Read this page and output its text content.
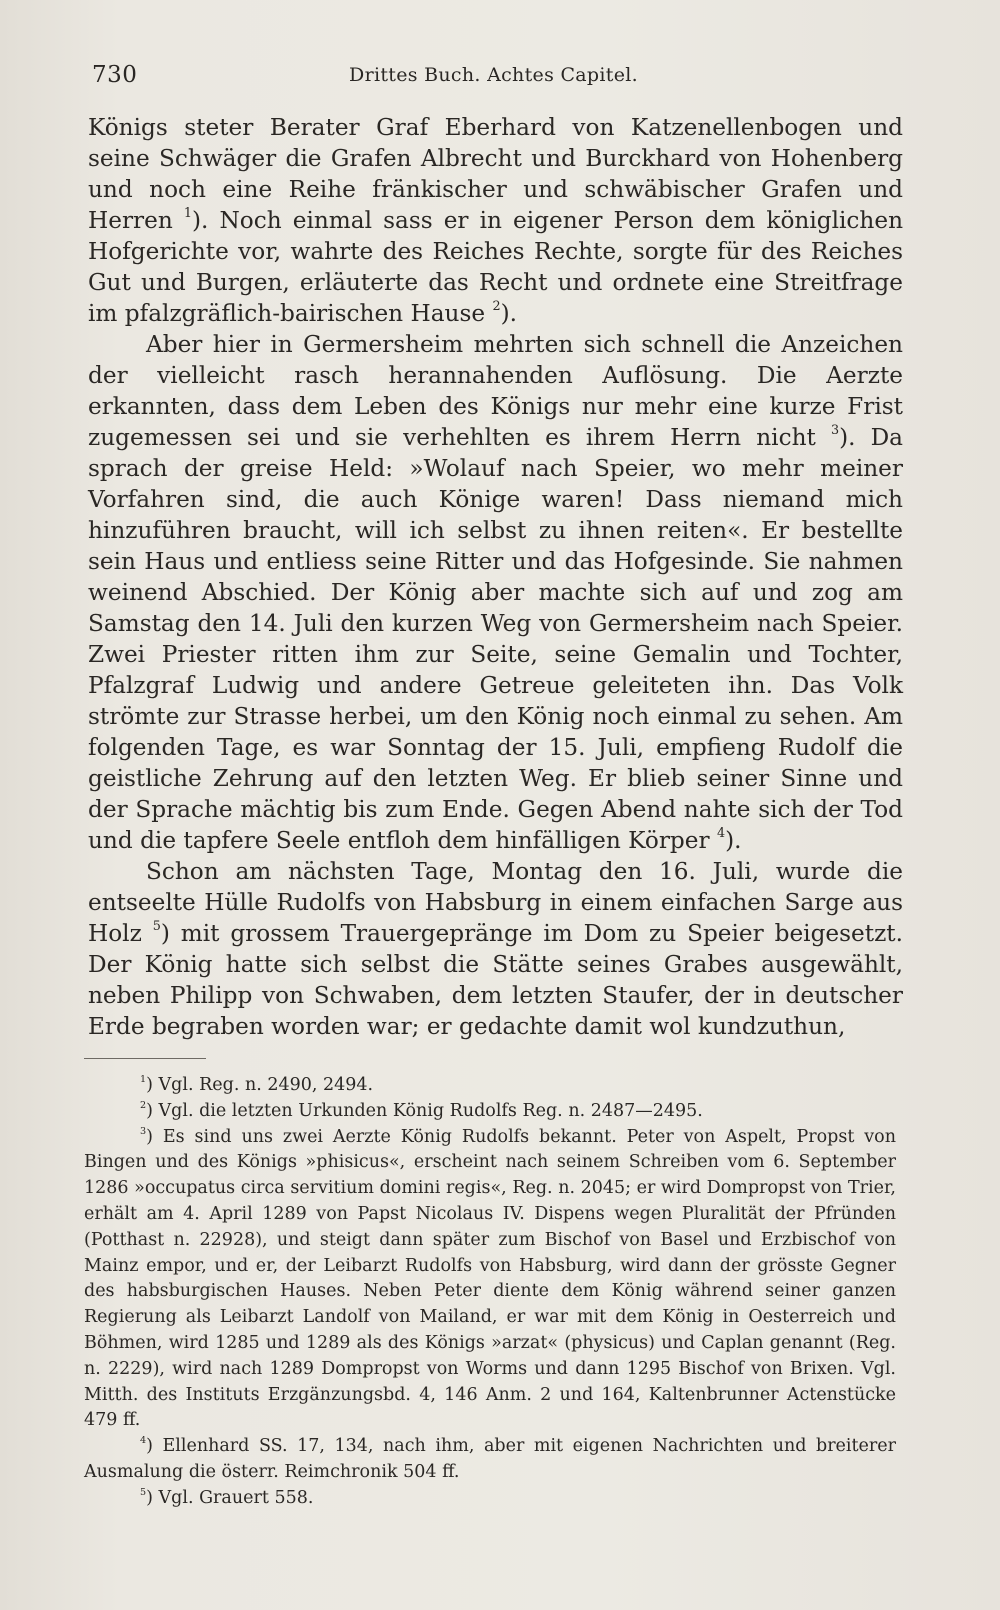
730	Drittes Buch. Achtes Capitel.

Königs steter Berater Graf Eberhard von Katzenellenbogen und seine Schwäger die Grafen Albrecht und Burckhard von Hohenberg und noch eine Reihe fränkischer und schwäbischer Grafen und Herren $^1$). Noch einmal sass er in eigener Person dem königlichen Hofgerichte vor, wahrte des Reiches Rechte, sorgte für des Reiches Gut und Burgen, erläuterte das Recht und ordnete eine Streitfrage im pfalzgräflich-bairischen Hause $^2$).

Aber hier in Germersheim mehrten sich schnell die Anzeichen der vielleicht rasch herannahenden Auflösung. Die Aerzte erkannten, dass dem Leben des Königs nur mehr eine kurze Frist zugemessen sei und sie verhehlten es ihrem Herrn nicht $^3$). Da sprach der greise Held: »Wolauf nach Speier, wo mehr meiner Vorfahren sind, die auch Könige waren! Dass niemand mich hinzuführen braucht, will ich selbst zu ihnen reiten«. Er bestellte sein Haus und entliess seine Ritter und das Hofgesinde. Sie nahmen weinend Abschied. Der König aber machte sich auf und zog am Samstag den 14. Juli den kurzen Weg von Germersheim nach Speier. Zwei Priester ritten ihm zur Seite, seine Gemalin und Tochter, Pfalzgraf Ludwig und andere Getreue geleiteten ihn. Das Volk strömte zur Strasse herbei, um den König noch einmal zu sehen. Am folgenden Tage, es war Sonntag der 15. Juli, empfieng Rudolf die geistliche Zehrung auf den letzten Weg. Er blieb seiner Sinne und der Sprache mächtig bis zum Ende. Gegen Abend nahte sich der Tod und die tapfere Seele entfloh dem hinfälligen Körper $^4$).

Schon am nächsten Tage, Montag den 16. Juli, wurde die entseelte Hülle Rudolfs von Habsburg in einem einfachen Sarge aus Holz $^5$) mit grossem Trauergepränge im Dom zu Speier beigesetzt. Der König hatte sich selbst die Stätte seines Grabes ausgewählt, neben Philipp von Schwaben, dem letzten Staufer, der in deutscher Erde begraben worden war; er gedachte damit wol kundzuthun,

$^1$) Vgl. Reg. n. 2490, 2494.

$^2$) Vgl. die letzten Urkunden König Rudolfs Reg. n. 2487—2495.

$^3$) Es sind uns zwei Aerzte König Rudolfs bekannt. Peter von Aspelt, Propst von Bingen und des Königs »phisicus«, erscheint nach seinem Schreiben vom 6. September 1286 »occupatus circa servitium domini regis«, Reg. n. 2045; er wird Dompropst von Trier, erhält am 4. April 1289 von Papst Nicolaus IV. Dispens wegen Pluralität der Pfründen (Potthast n. 22928), und steigt dann später zum Bischof von Basel und Erzbischof von Mainz empor, und er, der Leibarzt Rudolfs von Habsburg, wird dann der grösste Gegner des habsburgischen Hauses. Neben Peter diente dem König während seiner ganzen Regierung als Leibarzt Landolf von Mailand, er war mit dem König in Oesterreich und Böhmen, wird 1285 und 1289 als des Königs »arzat« (physicus) und Caplan genannt (Reg. n. 2229), wird nach 1289 Dompropst von Worms und dann 1295 Bischof von Brixen. Vgl. Mitth. des Instituts Erzgänzungsbd. 4, 146 Anm. 2 und 164, Kaltenbrunner Actenstücke 479 ff.

$^4$) Ellenhard SS. 17, 134, nach ihm, aber mit eigenen Nachrichten und breiterer Ausmalung die österr. Reimchronik 504 ff.

$^5$) Vgl. Grauert 558.
